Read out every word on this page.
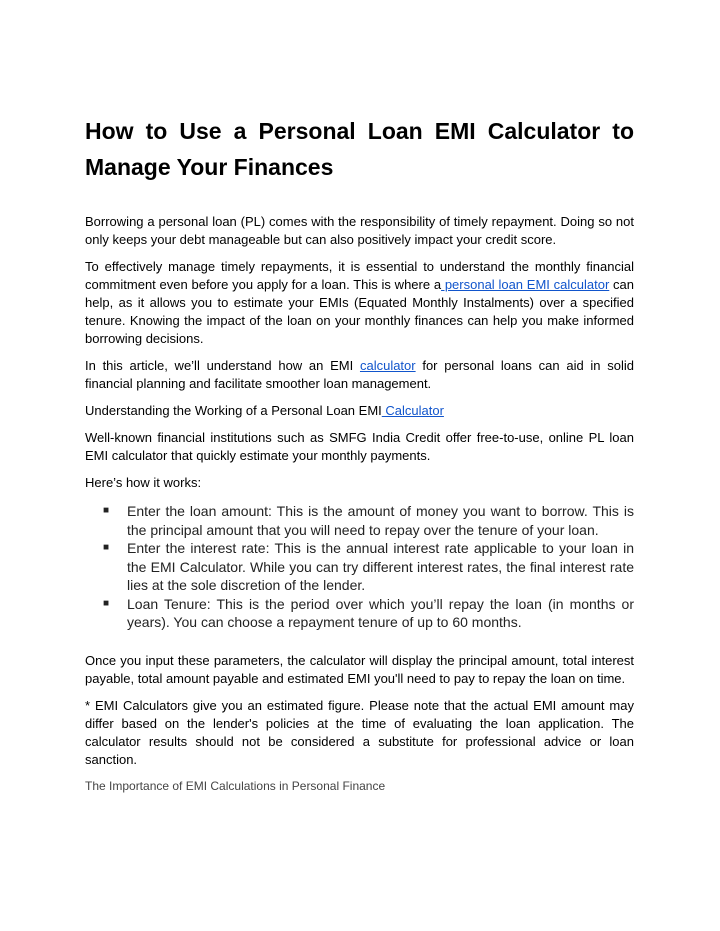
How to Use a Personal Loan EMI Calculator to
Manage Your Finances

Borrowing a personal loan (PL) comes with the responsibility of timely repayment. Doing so not only keeps your debt manageable but can also positively impact your credit score.

To effectively manage timely repayments, it is essential to understand the monthly financial commitment even before you apply for a loan. This is where a personal loan EMI calculator can help, as it allows you to estimate your EMIs (Equated Monthly Instalments) over a specified tenure. Knowing the impact of the loan on your monthly finances can help you make informed borrowing decisions.

In this article, we’ll understand how an EMI calculator for personal loans can aid in solid financial planning and facilitate smoother loan management.

Understanding the Working of a Personal Loan EMI Calculator

Well-known financial institutions such as SMFG India Credit offer free-to-use, online PL loan EMI calculator that quickly estimate your monthly payments.

Here’s how it works:

■ Enter the loan amount: This is the amount of money you want to borrow. This is the principal amount that you will need to repay over the tenure of your loan.
■ Enter the interest rate: This is the annual interest rate applicable to your loan in the EMI Calculator. While you can try different interest rates, the final interest rate lies at the sole discretion of the lender.
■ Loan Tenure: This is the period over which you’ll repay the loan (in months or years). You can choose a repayment tenure of up to 60 months.

Once you input these parameters, the calculator will display the principal amount, total interest payable, total amount payable and estimated EMI you'll need to pay to repay the loan on time.

* EMI Calculators give you an estimated figure. Please note that the actual EMI amount may differ based on the lender's policies at the time of evaluating the loan application. The calculator results should not be considered a substitute for professional advice or loan sanction.

The Importance of EMI Calculations in Personal Finance
